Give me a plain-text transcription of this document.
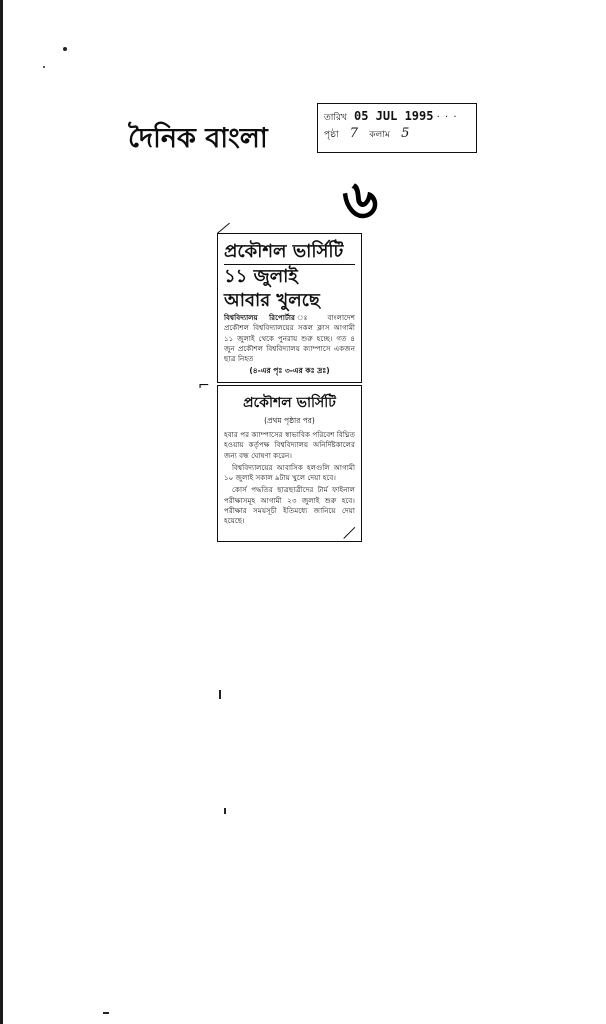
দৈনিক বাংলা
তারিখ 05 JUL 1995 · · ·
পৃষ্ঠা 7 কলাম 5
৬
⌐
প্রকৌশল ভার্সিটি
১১ জুলাই
আবার খুলছে

বিশ্ববিদ্যালয় রিপোর্টার	ঃ বাংলাদেশ প্রকৌশল বিশ্ববিদ্যালয়ের সকল ক্লাস আগামী ১১ জুলাই থেকে পুনরায় শুরু হচ্ছে। গত ৪ জুন প্রকৌশল বিশ্ববিদ্যালয় ক্যাম্পাসে একজন ছাত্র নিহত

(৪-এর পৃঃ ৩-এর কঃ দ্রঃ)
প্রকৌশল ভার্সিটি
(প্রথম পৃষ্ঠার পর)

হবার পর ক্যাম্পাসের স্বাভাবিক পরিবেশ বিঘ্নিত হওয়ায় কর্তৃপক্ষ বিশ্ববিদ্যালয় অনির্দিষ্টকালের জন্য বন্ধ ঘোষণা করেন।

বিশ্ববিদ্যালয়ের আবাসিক হলগুলি আগামী ১০ জুলাই সকাল ৯টায় খুলে দেয়া হবে।

কোর্স পদ্ধতির ছাত্রছাত্রীদের টার্ম ফাইনাল পরীক্ষাসমূহ আগামী ২৩ জুলাই শুরু হবে। পরীক্ষার সময়সূচী ইতিমধ্যে জানিয়ে দেয়া হয়েছে।
